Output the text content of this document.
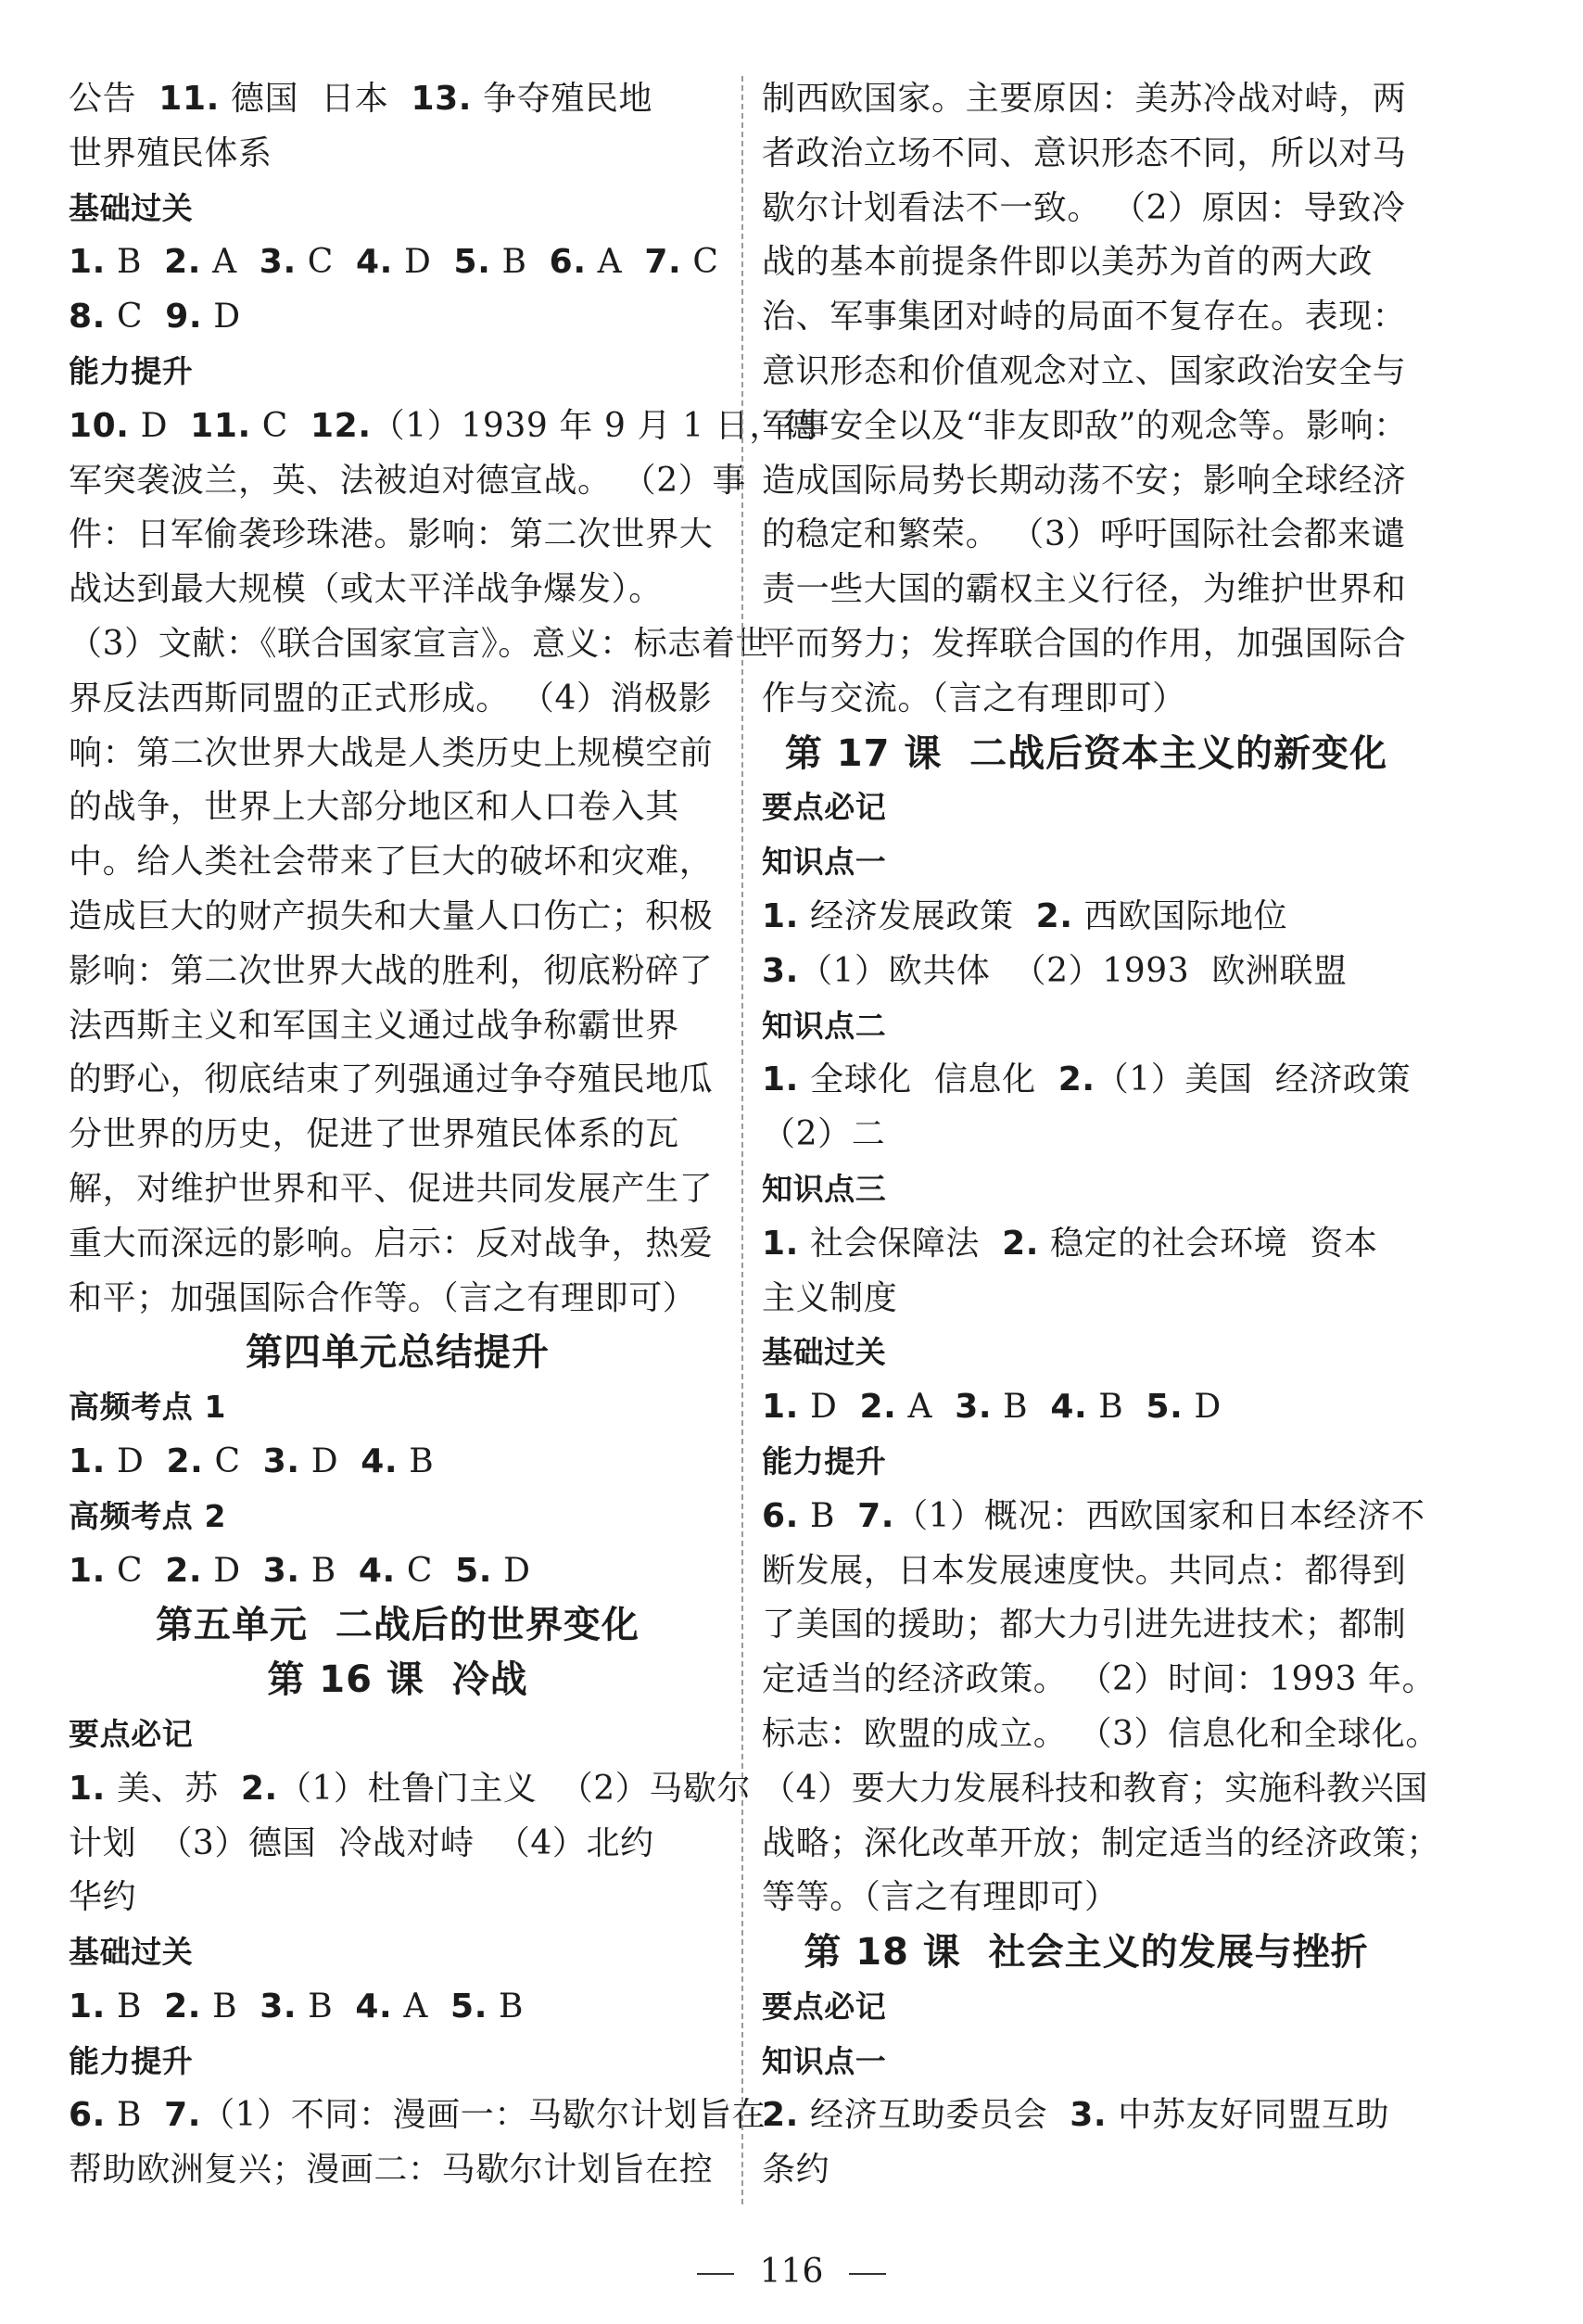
公告  11. 德国  日本  13. 争夺殖民地
世界殖民体系
基础过关
1. B  2. A  3. C  4. D  5. B  6. A  7. C
8. C  9. D
能力提升
10. D  11. C  12.（1）1939 年 9 月 1 日，德
军突袭波兰，英、法被迫对德宣战。 （2）事
件：日军偷袭珍珠港。影响：第二次世界大
战达到最大规模（或太平洋战争爆发）。
（3）文献：《联合国家宣言》。意义：标志着世
界反法西斯同盟的正式形成。 （4）消极影
响：第二次世界大战是人类历史上规模空前
的战争，世界上大部分地区和人口卷入其
中。给人类社会带来了巨大的破坏和灾难，
造成巨大的财产损失和大量人口伤亡；积极
影响：第二次世界大战的胜利，彻底粉碎了
法西斯主义和军国主义通过战争称霸世界
的野心，彻底结束了列强通过争夺殖民地瓜
分世界的历史，促进了世界殖民体系的瓦
解，对维护世界和平、促进共同发展产生了
重大而深远的影响。启示：反对战争，热爱
和平；加强国际合作等。（言之有理即可）
第四单元总结提升
高频考点 1
1. D  2. C  3. D  4. B
高频考点 2
1. C  2. D  3. B  4. C  5. D
第五单元  二战后的世界变化
第 16 课  冷战
要点必记
1. 美、苏  2.（1）杜鲁门主义  （2）马歇尔
计划  （3）德国  冷战对峙  （4）北约
华约
基础过关
1. B  2. B  3. B  4. A  5. B
能力提升
6. B  7.（1）不同：漫画一：马歇尔计划旨在
帮助欧洲复兴；漫画二：马歇尔计划旨在控
制西欧国家。主要原因：美苏冷战对峙，两
者政治立场不同、意识形态不同，所以对马
歇尔计划看法不一致。 （2）原因：导致冷
战的基本前提条件即以美苏为首的两大政
治、军事集团对峙的局面不复存在。表现：
意识形态和价值观念对立、国家政治安全与
军事安全以及“非友即敌”的观念等。影响：
造成国际局势长期动荡不安；影响全球经济
的稳定和繁荣。 （3）呼吁国际社会都来谴
责一些大国的霸权主义行径，为维护世界和
平而努力；发挥联合国的作用，加强国际合
作与交流。（言之有理即可）
第 17 课  二战后资本主义的新变化
要点必记
知识点一
1. 经济发展政策  2. 西欧国际地位
3.（1）欧共体  （2）1993  欧洲联盟
知识点二
1. 全球化  信息化  2.（1）美国  经济政策
（2）二
知识点三
1. 社会保障法  2. 稳定的社会环境  资本
主义制度
基础过关
1. D  2. A  3. B  4. B  5. D
能力提升
6. B  7.（1）概况：西欧国家和日本经济不
断发展，日本发展速度快。共同点：都得到
了美国的援助；都大力引进先进技术；都制
定适当的经济政策。 （2）时间：1993 年。
标志：欧盟的成立。 （3）信息化和全球化。
（4）要大力发展科技和教育；实施科教兴国
战略；深化改革开放；制定适当的经济政策；
等等。（言之有理即可）
第 18 课  社会主义的发展与挫折
要点必记
知识点一
2. 经济互助委员会  3. 中苏友好同盟互助
条约
116
